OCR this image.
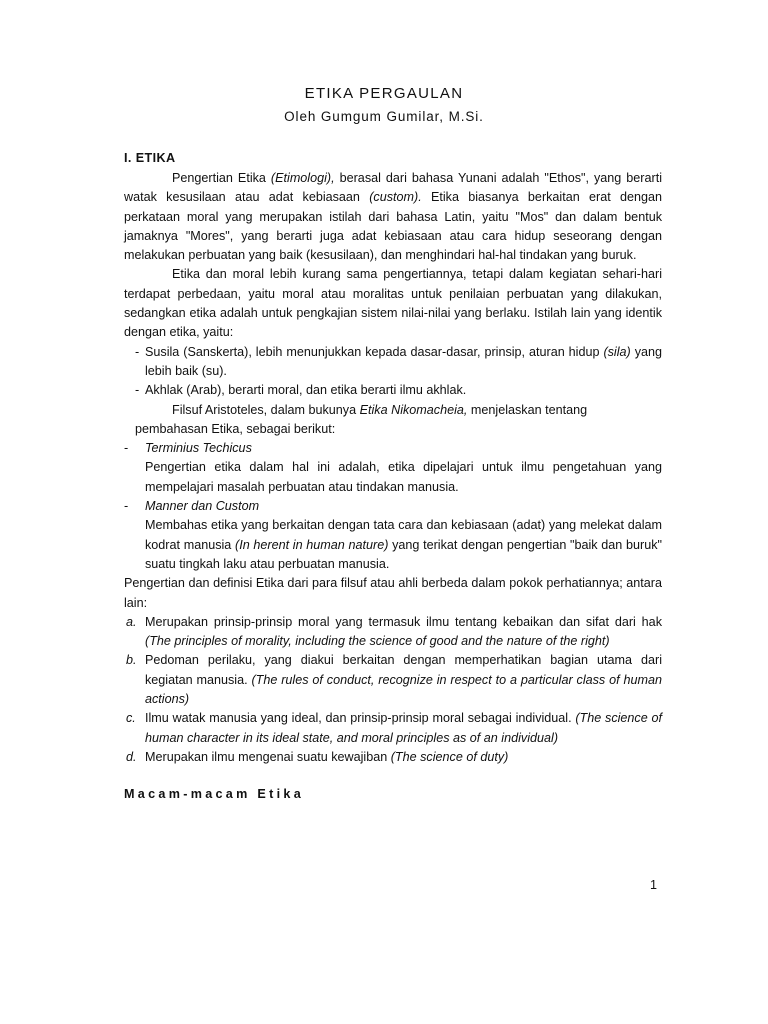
ETIKA PERGAULAN
Oleh Gumgum Gumilar, M.Si.
I. ETIKA

Pengertian Etika (Etimologi), berasal dari bahasa Yunani adalah "Ethos", yang berarti watak kesusilaan atau adat kebiasaan (custom). Etika biasanya berkaitan erat dengan perkataan moral yang merupakan istilah dari bahasa Latin, yaitu "Mos" dan dalam bentuk jamaknya "Mores", yang berarti juga adat kebiasaan atau cara hidup seseorang dengan melakukan perbuatan yang baik (kesusilaan), dan menghindari hal-hal tindakan yang buruk.

Etika dan moral lebih kurang sama pengertiannya, tetapi dalam kegiatan sehari-hari terdapat perbedaan, yaitu moral atau moralitas untuk penilaian perbuatan yang dilakukan, sedangkan etika adalah untuk pengkajian sistem nilai-nilai yang berlaku. Istilah lain yang identik dengan etika, yaitu:

- Susila (Sanskerta), lebih menunjukkan kepada dasar-dasar, prinsip, aturan hidup (sila) yang lebih baik (su).
- Akhlak (Arab), berarti moral, dan etika berarti ilmu akhlak.
Filsuf Aristoteles, dalam bukunya Etika Nikomacheia, menjelaskan tentang
pembahasan Etika, sebagai berikut:
- Terminius Techicus
Pengertian etika dalam hal ini adalah, etika dipelajari untuk ilmu pengetahuan yang mempelajari masalah perbuatan atau tindakan manusia.
- Manner dan Custom
Membahas etika yang berkaitan dengan tata cara dan kebiasaan (adat) yang melekat dalam kodrat manusia (In herent in human nature) yang terikat dengan pengertian "baik dan buruk" suatu tingkah laku atau perbuatan manusia.

Pengertian dan definisi Etika dari para filsuf atau ahli berbeda dalam pokok perhatiannya; antara lain:

a. Merupakan prinsip-prinsip moral yang termasuk ilmu tentang kebaikan dan sifat dari hak (The principles of morality, including the science of good and the nature of the right)
b. Pedoman perilaku, yang diakui berkaitan dengan memperhatikan bagian utama dari kegiatan manusia. (The rules of conduct, recognize in respect to a particular class of human actions)
c. Ilmu watak manusia yang ideal, dan prinsip-prinsip moral sebagai individual. (The science of human character in its ideal state, and moral principles as of an individual)
d. Merupakan ilmu mengenai suatu kewajiban (The science of duty)
Macam-macam Etika
1
